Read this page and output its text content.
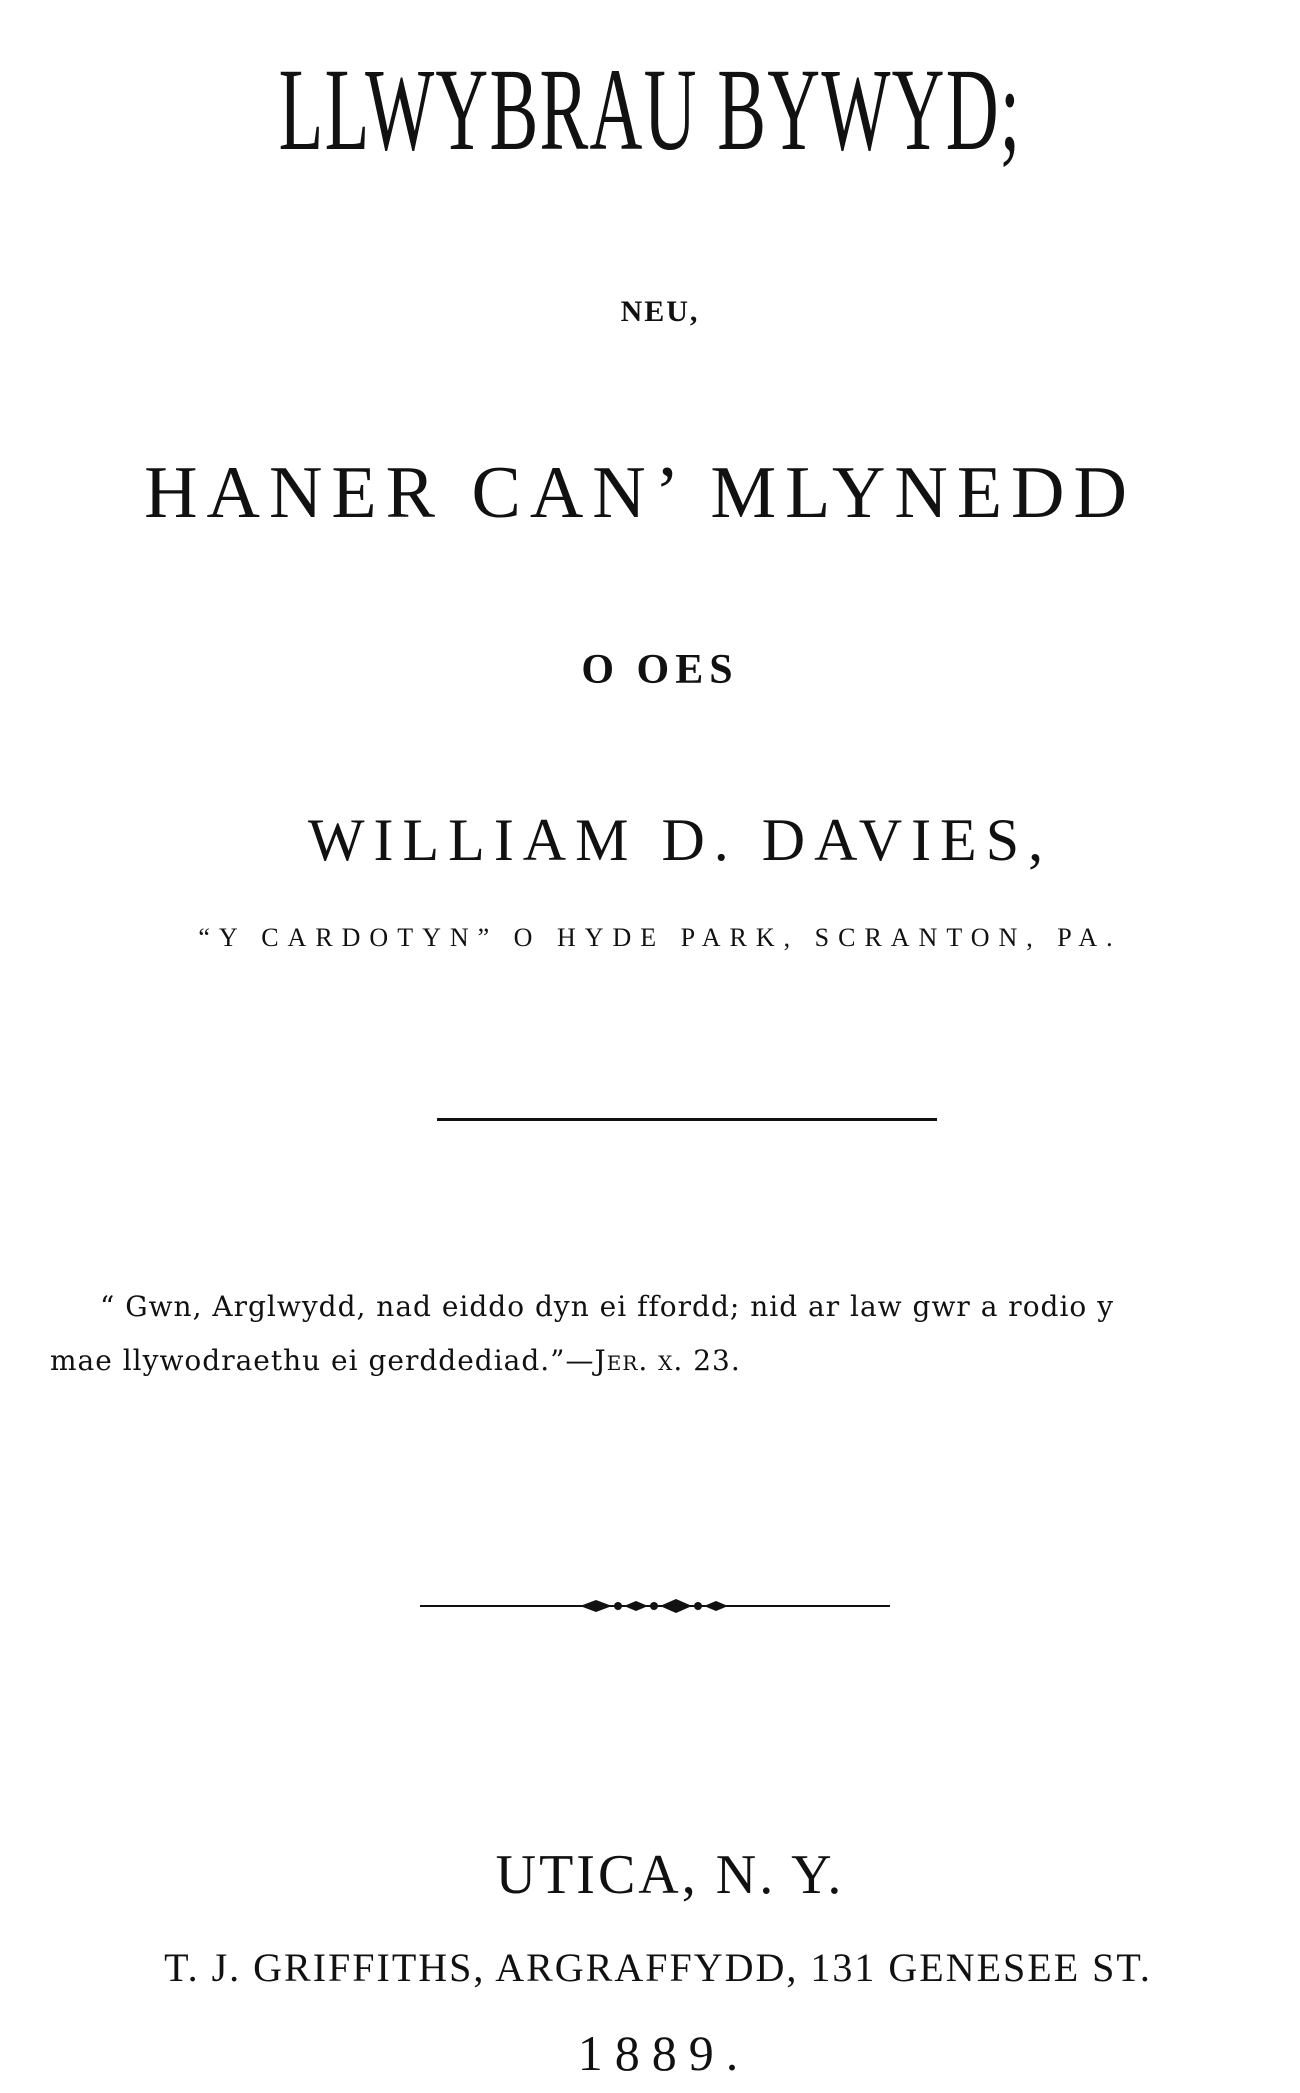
LLWYBRAU BYWYD;
NEU,
HANER CAN’ MLYNEDD
O OES
WILLIAM D. DAVIES,
“Y CARDOTYN” O HYDE PARK, SCRANTON, PA.
“ Gwn, Arglwydd, nad eiddo dyn ei ffordd; nid ar law gwr a rodio y
mae llywodraethu ei gerddediad.”—Jer. x. 23.
UTICA, N. Y.
T. J. GRIFFITHS, ARGRAFFYDD, 131 GENESEE ST.
1889.
